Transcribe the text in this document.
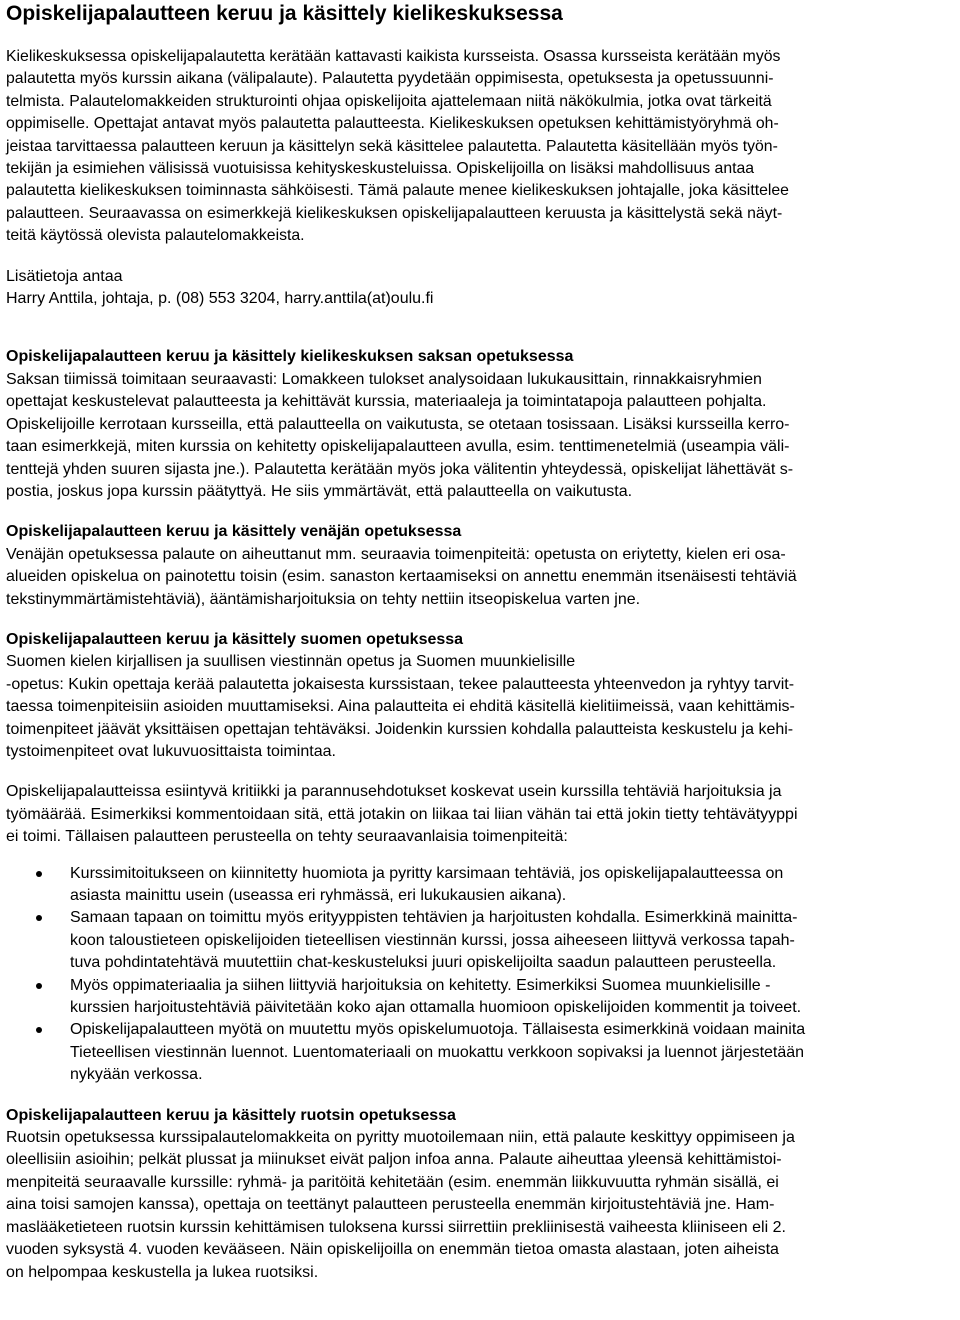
Opiskelijapalautteen keruu ja käsittely kielikeskuksessa
Kielikeskuksessa opiskelijapalautetta kerätään kattavasti kaikista kursseista. Osassa kursseista kerätään myös
palautetta myös kurssin aikana (välipalaute). Palautetta pyydetään oppimisesta, opetuksesta ja opetussuunni-
telmista. Palautelomakkeiden strukturointi ohjaa opiskelijoita ajattelemaan niitä näkökulmia, jotka ovat tärkeitä
oppimiselle. Opettajat antavat myös palautetta palautteesta. Kielikeskuksen opetuksen kehittämistyöryhmä oh-
jeistaa tarvittaessa palautteen keruun ja käsittelyn sekä käsittelee palautetta. Palautetta käsitellään myös työn-
tekijän ja esimiehen välisissä vuotuisissa kehityskeskusteluissa. Opiskelijoilla on lisäksi mahdollisuus antaa
palautetta kielikeskuksen toiminnasta sähköisesti. Tämä palaute menee kielikeskuksen johtajalle, joka käsittelee
palautteen. Seuraavassa on esimerkkejä kielikeskuksen opiskelijapalautteen keruusta ja käsittelystä sekä näyt-
teitä käytössä olevista palautelomakkeista.
Lisätietoja antaa
Harry Anttila, johtaja, p. (08) 553 3204, harry.anttila(at)oulu.fi
Opiskelijapalautteen keruu ja käsittely kielikeskuksen saksan opetuksessa
Saksan tiimissä toimitaan seuraavasti: Lomakkeen tulokset analysoidaan lukukausittain, rinnakkaisryhmien
opettajat keskustelevat palautteesta ja kehittävät kurssia, materiaaleja ja toimintatapoja palautteen pohjalta.
Opiskelijoille kerrotaan kursseilla, että palautteella on vaikutusta, se otetaan tosissaan. Lisäksi kursseilla kerro-
taan esimerkkejä, miten kurssia on kehitetty opiskelijapalautteen avulla, esim. tenttimenetelmiä (useampia väli-
tenttejä yhden suuren sijasta jne.). Palautetta kerätään myös joka välitentin yhteydessä, opiskelijat lähettävät s-
postia, joskus jopa kurssin päätyttyä. He siis ymmärtävät, että palautteella on vaikutusta.
Opiskelijapalautteen keruu ja käsittely venäjän opetuksessa
Venäjän opetuksessa palaute on aiheuttanut mm. seuraavia toimenpiteitä: opetusta on eriytetty, kielen eri osa-
alueiden opiskelua on painotettu toisin (esim. sanaston kertaamiseksi on annettu enemmän itsenäisesti tehtäviä
tekstinymmärtämistehtäviä), ääntämisharjoituksia on tehty nettiin itseopiskelua varten jne.
Opiskelijapalautteen keruu ja käsittely suomen opetuksessa
Suomen kielen kirjallisen ja suullisen viestinnän opetus ja Suomen muunkielisille
-opetus: Kukin opettaja kerää palautetta jokaisesta kurssistaan, tekee palautteesta yhteenvedon ja ryhtyy tarvit-
taessa toimenpiteisiin asioiden muuttamiseksi. Aina palautteita ei ehditä käsitellä kielitiimeissä, vaan kehittämis-
toimenpiteet jäävät yksittäisen opettajan tehtäväksi. Joidenkin kurssien kohdalla palautteista keskustelu ja kehi-
tystoimenpiteet ovat lukuvuosittaista toimintaa.
Opiskelijapalautteissa esiintyvä kritiikki ja parannusehdotukset koskevat usein kurssilla tehtäviä harjoituksia ja
työmäärää. Esimerkiksi kommentoidaan sitä, että jotakin on liikaa tai liian vähän tai että jokin tietty tehtävätyyppi
ei toimi. Tällaisen palautteen perusteella on tehty seuraavanlaisia toimenpiteitä:
Kurssimitoitukseen on kiinnitetty huomiota ja pyritty karsimaan tehtäviä, jos opiskelijapalautteessa on
asiasta mainittu usein (useassa eri ryhmässä, eri lukukausien aikana).
Samaan tapaan on toimittu myös erityyppisten tehtävien ja harjoitusten kohdalla. Esimerkkinä mainitta-
koon taloustieteen opiskelijoiden tieteellisen viestinnän kurssi, jossa aiheeseen liittyvä verkossa tapah-
tuva pohdintatehtävä muutettiin chat-keskusteluksi juuri opiskelijoilta saadun palautteen perusteella.
Myös oppimateriaalia ja siihen liittyviä harjoituksia on kehitetty. Esimerkiksi Suomea muunkielisille -
kurssien harjoitustehtäviä päivitetään koko ajan ottamalla huomioon opiskelijoiden kommentit ja toiveet.
Opiskelijapalautteen myötä on muutettu myös opiskelumuotoja. Tällaisesta esimerkkinä voidaan mainita
Tieteellisen viestinnän luennot. Luentomateriaali on muokattu verkkoon sopivaksi ja luennot järjestetään
nykyään verkossa.
Opiskelijapalautteen keruu ja käsittely ruotsin opetuksessa
Ruotsin opetuksessa kurssipalautelomakkeita on pyritty muotoilemaan niin, että palaute keskittyy oppimiseen ja
oleellisiin asioihin; pelkät plussat ja miinukset eivät paljon infoa anna. Palaute aiheuttaa yleensä kehittämistoi-
menpiteitä seuraavalle kurssille: ryhmä- ja paritöitä kehitetään (esim. enemmän liikkuvuutta ryhmän sisällä, ei
aina toisi samojen kanssa), opettaja on teettänyt palautteen perusteella enemmän kirjoitustehtäviä jne. Ham-
maslääketieteen ruotsin kurssin kehittämisen tuloksena kurssi siirrettiin prekliinisestä vaiheesta kliiniseen eli 2.
vuoden syksystä 4. vuoden kevääseen. Näin opiskelijoilla on enemmän tietoa omasta alastaan, joten aiheista
on helpompaa keskustella ja lukea ruotsiksi.
